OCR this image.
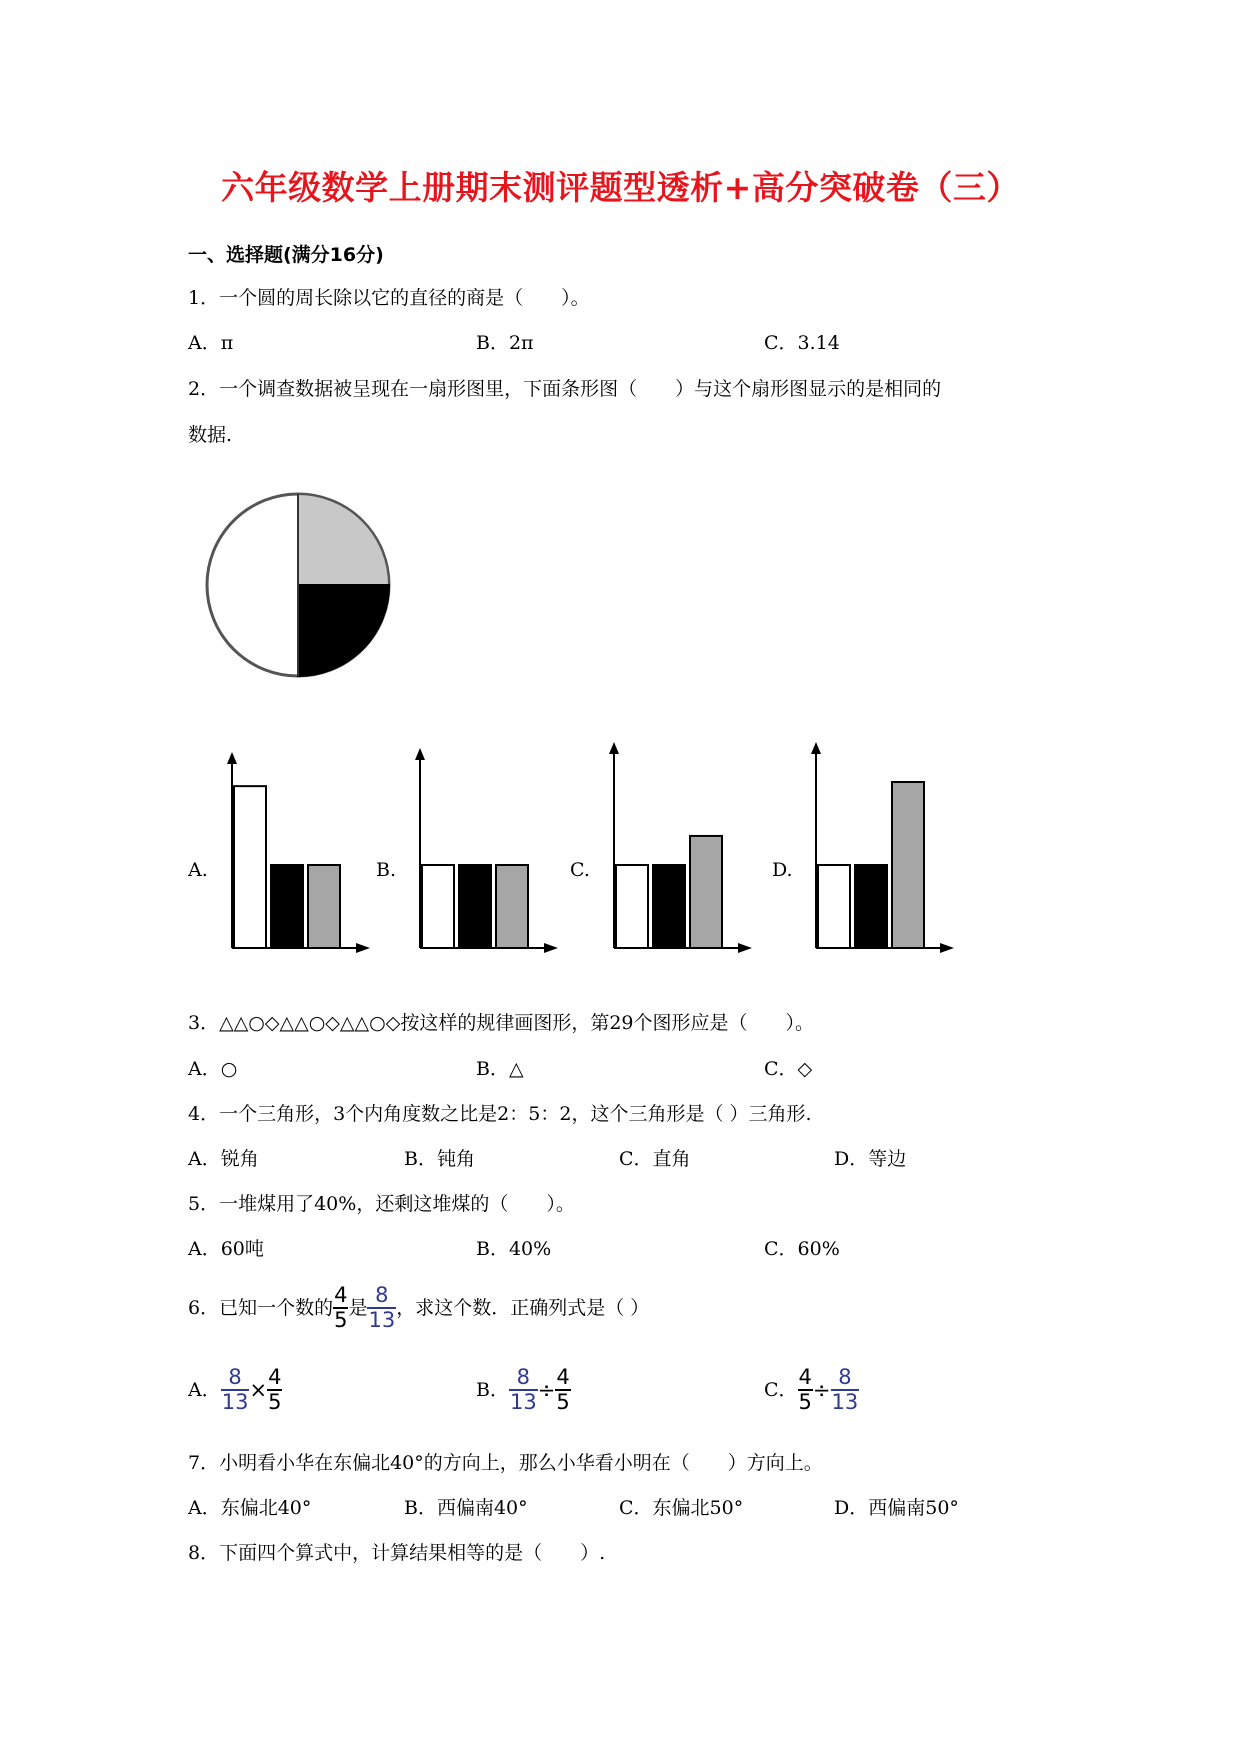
六年级数学上册期末测评题型透析+高分突破卷（三）
一、选择题(满分16分)
1．一个圆的周长除以它的直径的商是（　　）。
A．π	B．2π	C．3.14
2．一个调查数据被呈现在一扇形图里，下面条形图（　　）与这个扇形图显示的是相同的
数据.
A.	B.	C.	D.
3．△△○◇△△○◇△△○◇按这样的规律画图形，第29个图形应是（　　）。
A．○	B．△	C．◇
4．一个三角形，3个内角度数之比是2：5：2，这个三角形是（ ）三角形.
A．锐角	B．钝角	C．直角	D．等边
5．一堆煤用了40%，还剩这堆煤的（　　）。
A．60吨	B．40%	C．60%
6．已知一个数的 $\frac{4}{5}$ 是 $\frac{8}{13}$ ，求这个数．正确列式是（ ）
A． $\frac{8}{13} \times \frac{4}{5}$	B． $\frac{8}{13} \div \frac{4}{5}$	C． $\frac{4}{5} \div \frac{8}{13}$
7．小明看小华在东偏北40°的方向上，那么小华看小明在（　　）方向上。
A．东偏北40°	B．西偏南40°	C．东偏北50°	D．西偏南50°
8．下面四个算式中，计算结果相等的是（　　）.
